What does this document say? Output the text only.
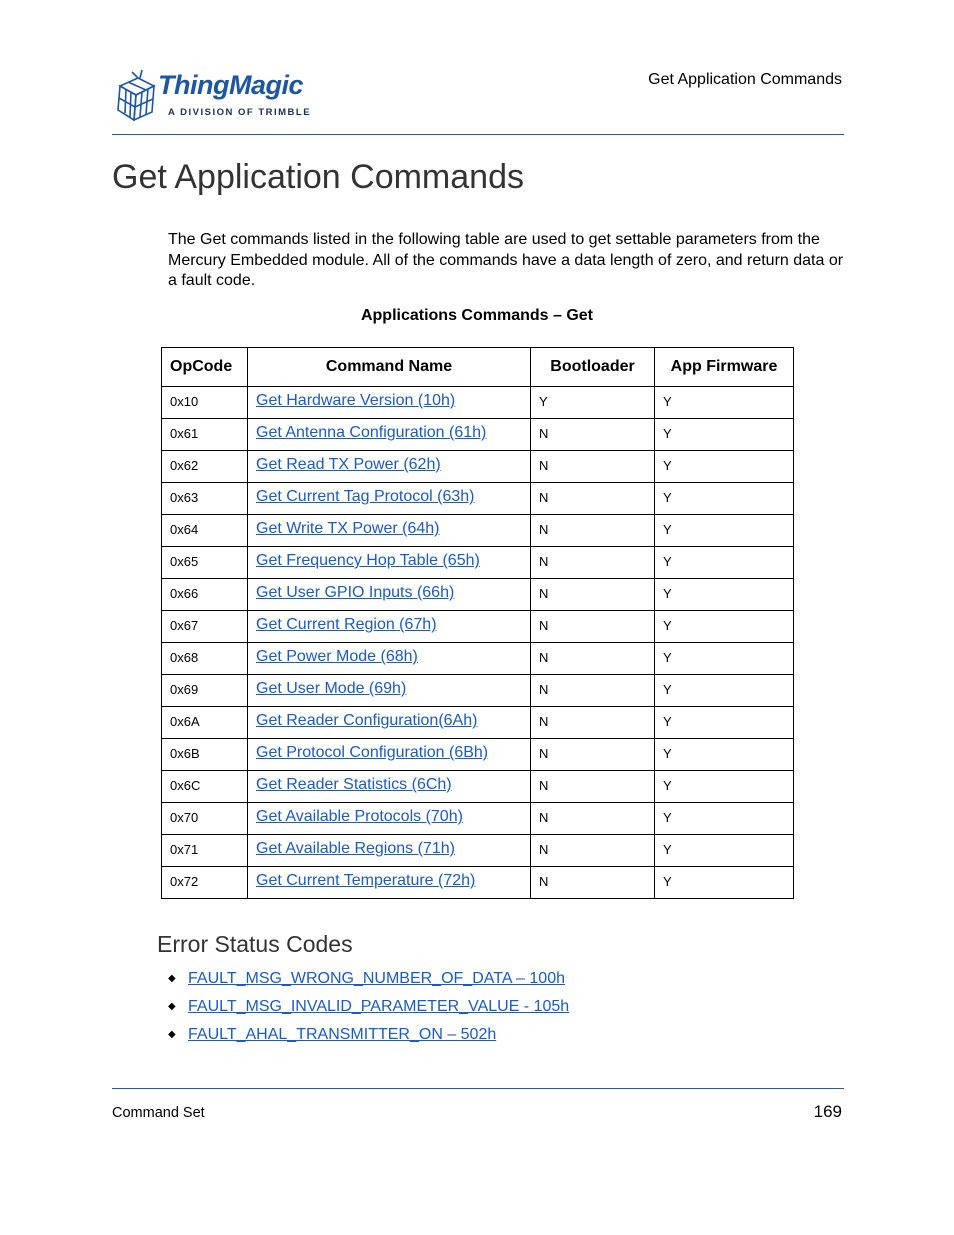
ThingMagic
A DIVISION OF TRIMBLE
Get Application Commands
Get Application Commands

The Get commands listed in the following table are used to get settable parameters from the Mercury Embedded module. All of the commands have a data length of zero, and return data or a fault code.

Applications Commands – Get
OpCode	Command Name	Bootloader	App Firmware
0x10	Get Hardware Version (10h)	Y	Y
0x61	Get Antenna Configuration (61h)	N	Y
0x62	Get Read TX Power (62h)	N	Y
0x63	Get Current Tag Protocol (63h)	N	Y
0x64	Get Write TX Power (64h)	N	Y
0x65	Get Frequency Hop Table (65h)	N	Y
0x66	Get User GPIO Inputs (66h)	N	Y
0x67	Get Current Region (67h)	N	Y
0x68	Get Power Mode (68h)	N	Y
0x69	Get User Mode (69h)	N	Y
0x6A	Get Reader Configuration(6Ah)	N	Y
0x6B	Get Protocol Configuration (6Bh)	N	Y
0x6C	Get Reader Statistics (6Ch)	N	Y
0x70	Get Available Protocols (70h)	N	Y
0x71	Get Available Regions (71h)	N	Y
0x72	Get Current Temperature (72h)	N	Y
Error Status Codes
◆ FAULT_MSG_WRONG_NUMBER_OF_DATA – 100h
◆ FAULT_MSG_INVALID_PARAMETER_VALUE - 105h
◆ FAULT_AHAL_TRANSMITTER_ON – 502h
Command Set	169
